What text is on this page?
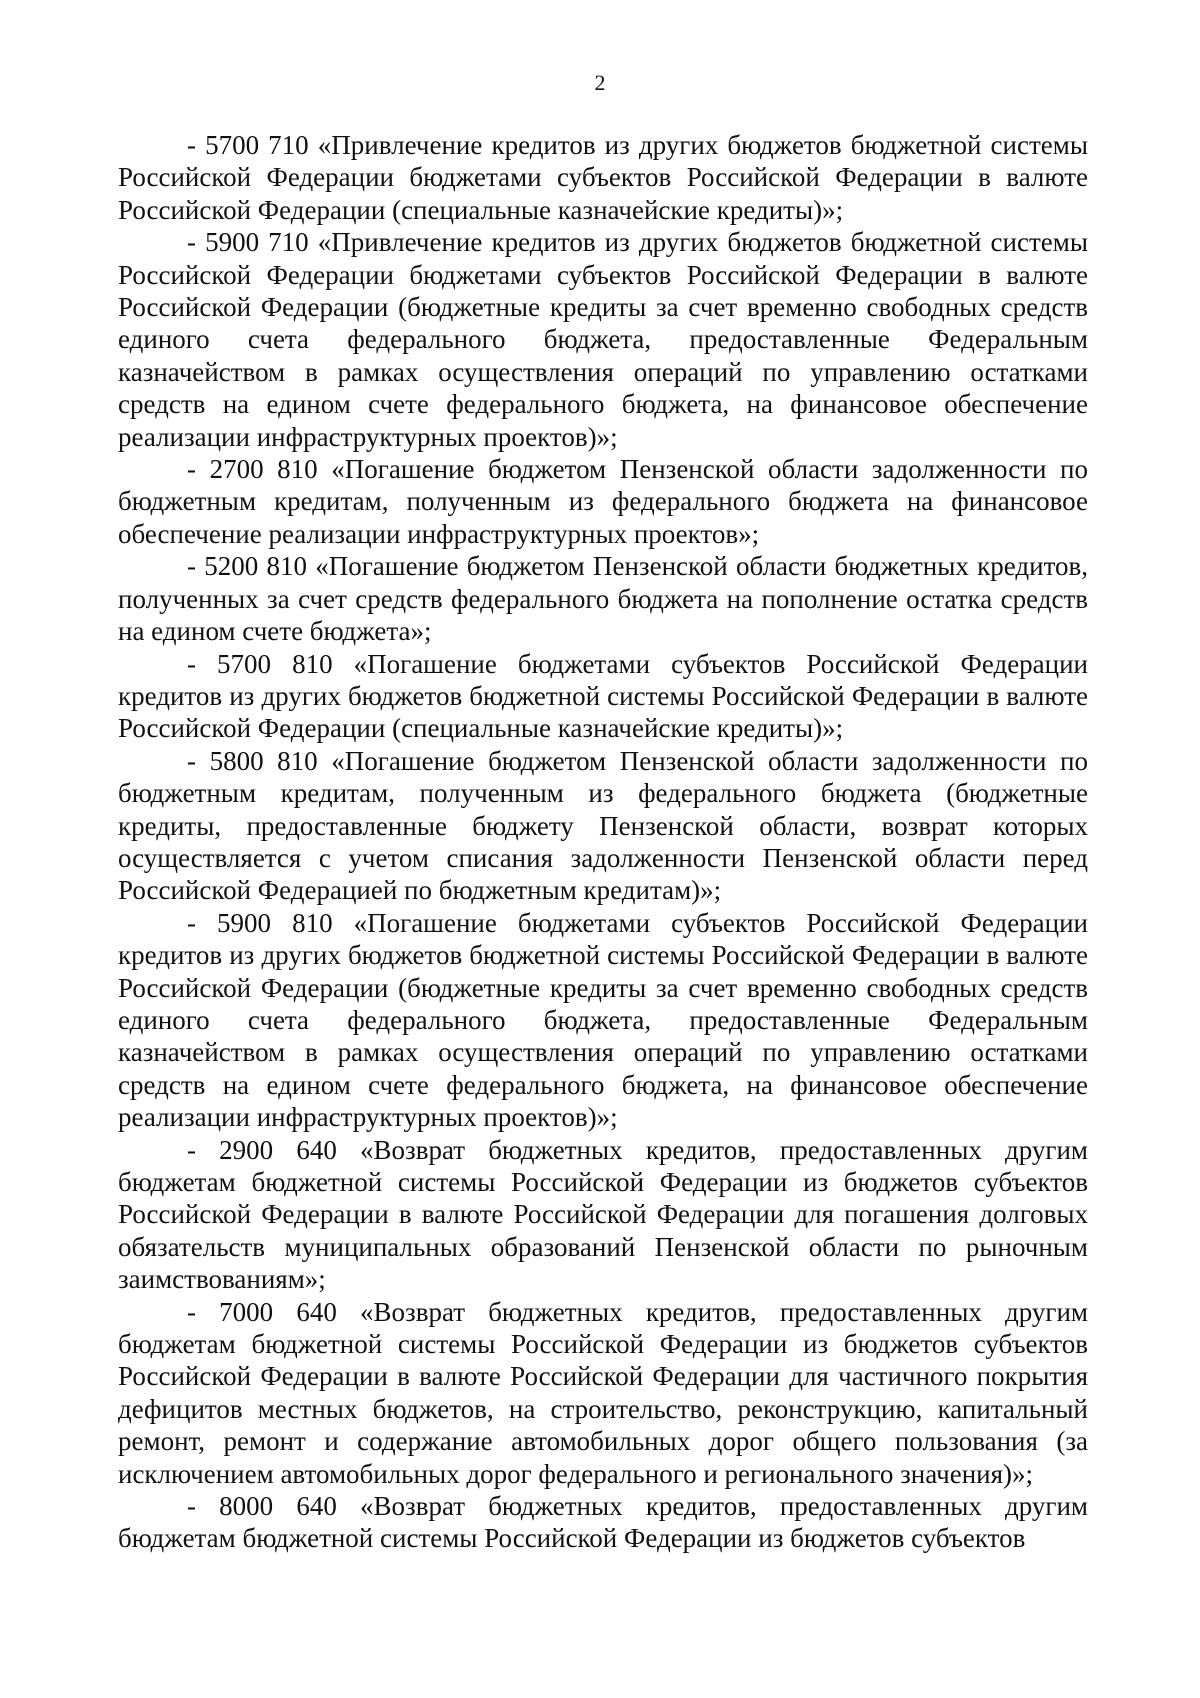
2

- 5700 710 «Привлечение кредитов из других бюджетов бюджетной системы Российской Федерации бюджетами субъектов Российской Федерации в валюте Российской Федерации (специальные казначейские кредиты)»;

- 5900 710 «Привлечение кредитов из других бюджетов бюджетной системы Российской Федерации бюджетами субъектов Российской Федерации в валюте Российской Федерации (бюджетные кредиты за счет временно свободных средств единого счета федерального бюджета, предоставленные Федеральным казначейством в рамках осуществления операций по управлению остатками средств на едином счете федерального бюджета, на финансовое обеспечение реализации инфраструктурных проектов)»;

- 2700 810 «Погашение бюджетом Пензенской области задолженности по бюджетным кредитам, полученным из федерального бюджета на финансовое обеспечение реализации инфраструктурных проектов»;

- 5200 810 «Погашение бюджетом Пензенской области бюджетных кредитов, полученных за счет средств федерального бюджета на пополнение остатка средств на едином счете бюджета»;

- 5700 810 «Погашение бюджетами субъектов Российской Федерации кредитов из других бюджетов бюджетной системы Российской Федерации в валюте Российской Федерации (специальные казначейские кредиты)»;

- 5800 810 «Погашение бюджетом Пензенской области задолженности по бюджетным кредитам, полученным из федерального бюджета (бюджетные кредиты, предоставленные бюджету Пензенской области, возврат которых осуществляется с учетом списания задолженности Пензенской области перед Российской Федерацией по бюджетным кредитам)»;

- 5900 810 «Погашение бюджетами субъектов Российской Федерации кредитов из других бюджетов бюджетной системы Российской Федерации в валюте Российской Федерации (бюджетные кредиты за счет временно свободных средств единого счета федерального бюджета, предоставленные Федеральным казначейством в рамках осуществления операций по управлению остатками средств на едином счете федерального бюджета, на финансовое обеспечение реализации инфраструктурных проектов)»;

- 2900 640 «Возврат бюджетных кредитов, предоставленных другим бюджетам бюджетной системы Российской Федерации из бюджетов субъектов Российской Федерации в валюте Российской Федерации для погашения долговых обязательств муниципальных образований Пензенской области по рыночным заимствованиям»;

- 7000 640 «Возврат бюджетных кредитов, предоставленных другим бюджетам бюджетной системы Российской Федерации из бюджетов субъектов Российской Федерации в валюте Российской Федерации для частичного покрытия дефицитов местных бюджетов, на строительство, реконструкцию, капитальный ремонт, ремонт и содержание автомобильных дорог общего пользования (за исключением автомобильных дорог федерального и регионального значения)»;

- 8000 640 «Возврат бюджетных кредитов, предоставленных другим бюджетам бюджетной системы Российской Федерации из бюджетов субъектов
